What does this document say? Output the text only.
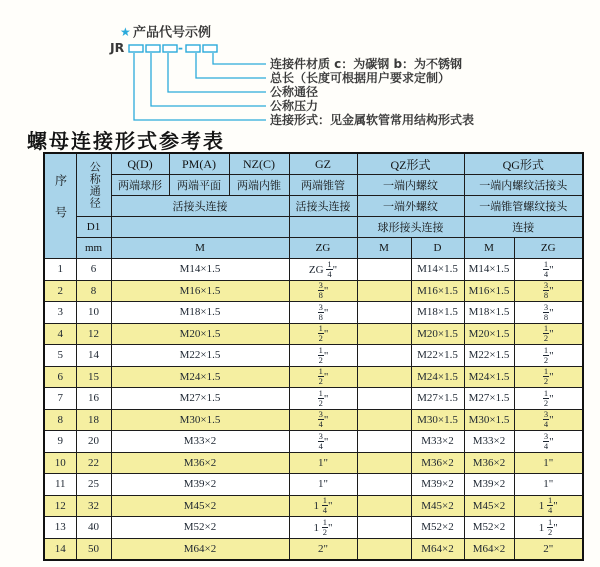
★ 产品代号示例
JR	-
连接件材质 c：为碳钢 b：为不锈钢
总长（长度可根据用户要求定制）
公称通径
公称压力
连接形式：见金属软管常用结构形式表
螺母连接形式参考表
序号	公称通径	Q(D)	PM(A)	NZ(C)	GZ	QZ形式		QG形式	
		两端球形	两端平面	两端内锥	两端锥管	一端内螺纹		一端内螺纹活接头	
		活接头连接			活接头连接	一端外螺纹		一端锥管螺纹接头	
	D1					球形接头连接		连接	
	mm	M			ZG	M	D	M	ZG
1	6	M14×1.5			ZG $\frac{1}{4}$ "		M14×1.5	M14×1.5	$\frac{1}{4}$ "
2	8	M16×1.5			$\frac{3}{8}$ "		M16×1.5	M16×1.5	$\frac{3}{8}$ "
3	10	M18×1.5			$\frac{3}{8}$ "		M18×1.5	M18×1.5	$\frac{3}{8}$ "
4	12	M20×1.5			$\frac{1}{2}$ "		M20×1.5	M20×1.5	$\frac{1}{2}$ "
5	14	M22×1.5			$\frac{1}{2}$ "		M22×1.5	M22×1.5	$\frac{1}{2}$ "
6	15	M24×1.5			$\frac{1}{2}$ "		M24×1.5	M24×1.5	$\frac{1}{2}$ "
7	16	M27×1.5			$\frac{1}{2}$ "		M27×1.5	M27×1.5	$\frac{1}{2}$ "
8	18	M30×1.5			$\frac{3}{4}$ "		M30×1.5	M30×1.5	$\frac{3}{4}$ "
9	20	M33×2			$\frac{3}{4}$ "		M33×2	M33×2	$\frac{3}{4}$ "
10	22	M36×2			1"		M36×2	M36×2	1"
11	25	M39×2			1"		M39×2	M39×2	1"
12	32	M45×2			$1 \frac{1}{4}$ "		M45×2	M45×2	$1 \frac{1}{4}$ "
13	40	M52×2			$1 \frac{1}{2}$ "		M52×2	M52×2	$1 \frac{1}{2}$ "
14	50	M64×2			2"		M64×2	M64×2	2"
